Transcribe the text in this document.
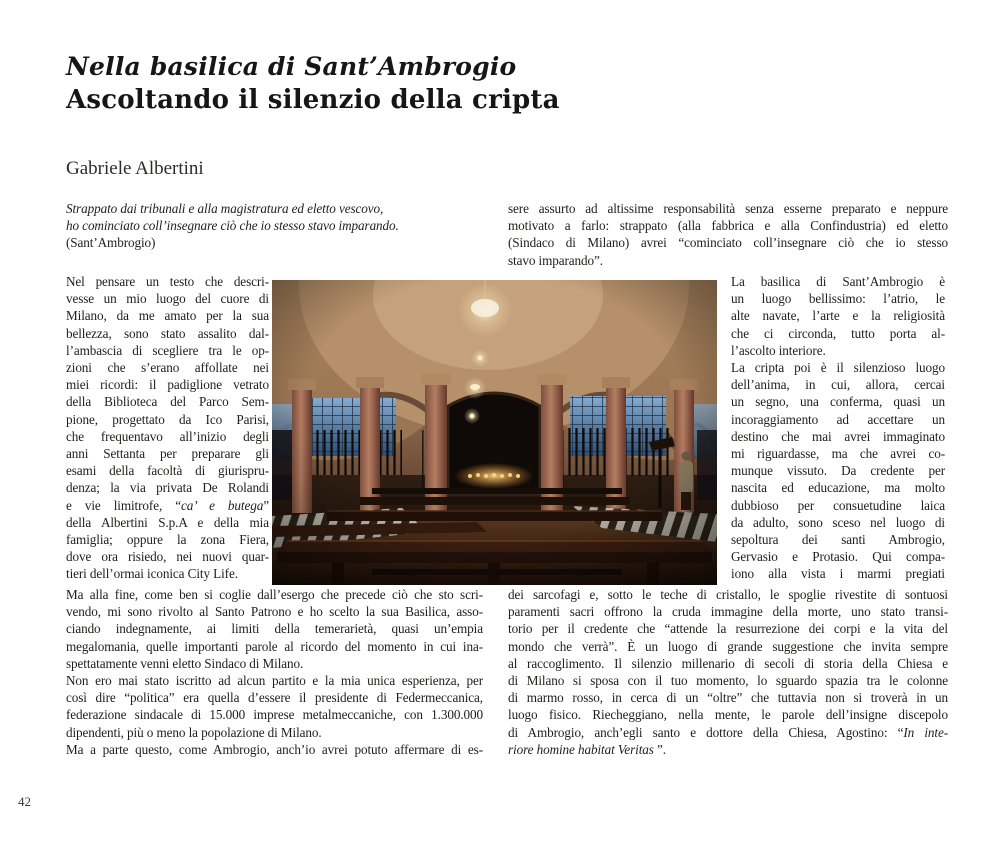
Nella basilica di Sant’Ambrogio
Ascoltando il silenzio della cripta
Gabriele Albertini
Strappato dai tribunali e alla magistratura ed eletto vescovo,
ho cominciato coll’insegnare ciò che io stesso stavo imparando.
(Sant’Ambrogio)
sere assurto ad altissime responsabilità senza esserne preparato e neppure
motivato a farlo: strappato (alla fabbrica e alla Confindustria) ed eletto
(Sindaco di Milano) avrei “cominciato coll’insegnare ciò che io stesso
stavo imparando”.
Nel pensare un testo che descri-
vesse un mio luogo del cuore di
Milano, da me amato per la sua
bellezza, sono stato assalito dal-
l’ambascia di scegliere tra le op-
zioni che s’erano affollate nei
miei ricordi: il padiglione vetrato
della Biblioteca del Parco Sem-
pione, progettato da Ico Parisi,
che frequentavo all’inizio degli
anni Settanta per preparare gli
esami della facoltà di giurispru-
denza; la via privata De Rolandi
e vie limitrofe, “ca’ e butega”
della Albertini S.p.A e della mia
famiglia; oppure la zona Fiera,
dove ora risiedo, nei nuovi quar-
tieri dell’ormai iconica City Life.
La basilica di Sant’Ambrogio è
un luogo bellissimo: l’atrio, le
alte navate, l’arte e la religiosità
che ci circonda, tutto porta al-
l’ascolto interiore.
La cripta poi è il silenzioso luogo
dell’anima, in cui, allora, cercai
un segno, una conferma, quasi un
incoraggiamento ad accettare un
destino che mai avrei immaginato
mi riguardasse, ma che avrei co-
munque vissuto. Da credente per
nascita ed educazione, ma molto
dubbioso per consuetudine laica
da adulto, sono sceso nel luogo di
sepoltura dei santi Ambrogio,
Gervasio e Protasio. Qui compa-
iono alla vista i marmi pregiati
Ma alla fine, come ben si coglie dall’esergo che precede ciò che sto scri-
vendo, mi sono rivolto al Santo Patrono e ho scelto la sua Basilica, asso-
ciando indegnamente, ai limiti della temerarietà, quasi un’empia
megalomania, quelle importanti parole al ricordo del momento in cui ina-
spettatamente venni eletto Sindaco di Milano.
Non ero mai stato iscritto ad alcun partito e la mia unica esperienza, per
così dire “politica” era quella d’essere il presidente di Federmeccanica,
federazione sindacale di 15.000 imprese metalmeccaniche, con 1.300.000
dipendenti, più o meno la popolazione di Milano.
Ma a parte questo, come Ambrogio, anch’io avrei potuto affermare di es-
dei sarcofagi e, sotto le teche di cristallo, le spoglie rivestite di sontuosi
paramenti sacri offrono la cruda immagine della morte, uno stato transi-
torio per il credente che “attende la resurrezione dei corpi e la vita del
mondo che verrà”. È un luogo di grande suggestione che invita sempre
al raccoglimento. Il silenzio millenario di secoli di storia della Chiesa e
di Milano si sposa con il tuo momento, lo sguardo spazia tra le colonne
di marmo rosso, in cerca di un “oltre” che tuttavia non si troverà in un
luogo fisico. Riecheggiano, nella mente, le parole dell’insigne discepolo
di Ambrogio, anch’egli santo e dottore della Chiesa, Agostino: “In inte-
riore homine habitat Veritas ”.
42
